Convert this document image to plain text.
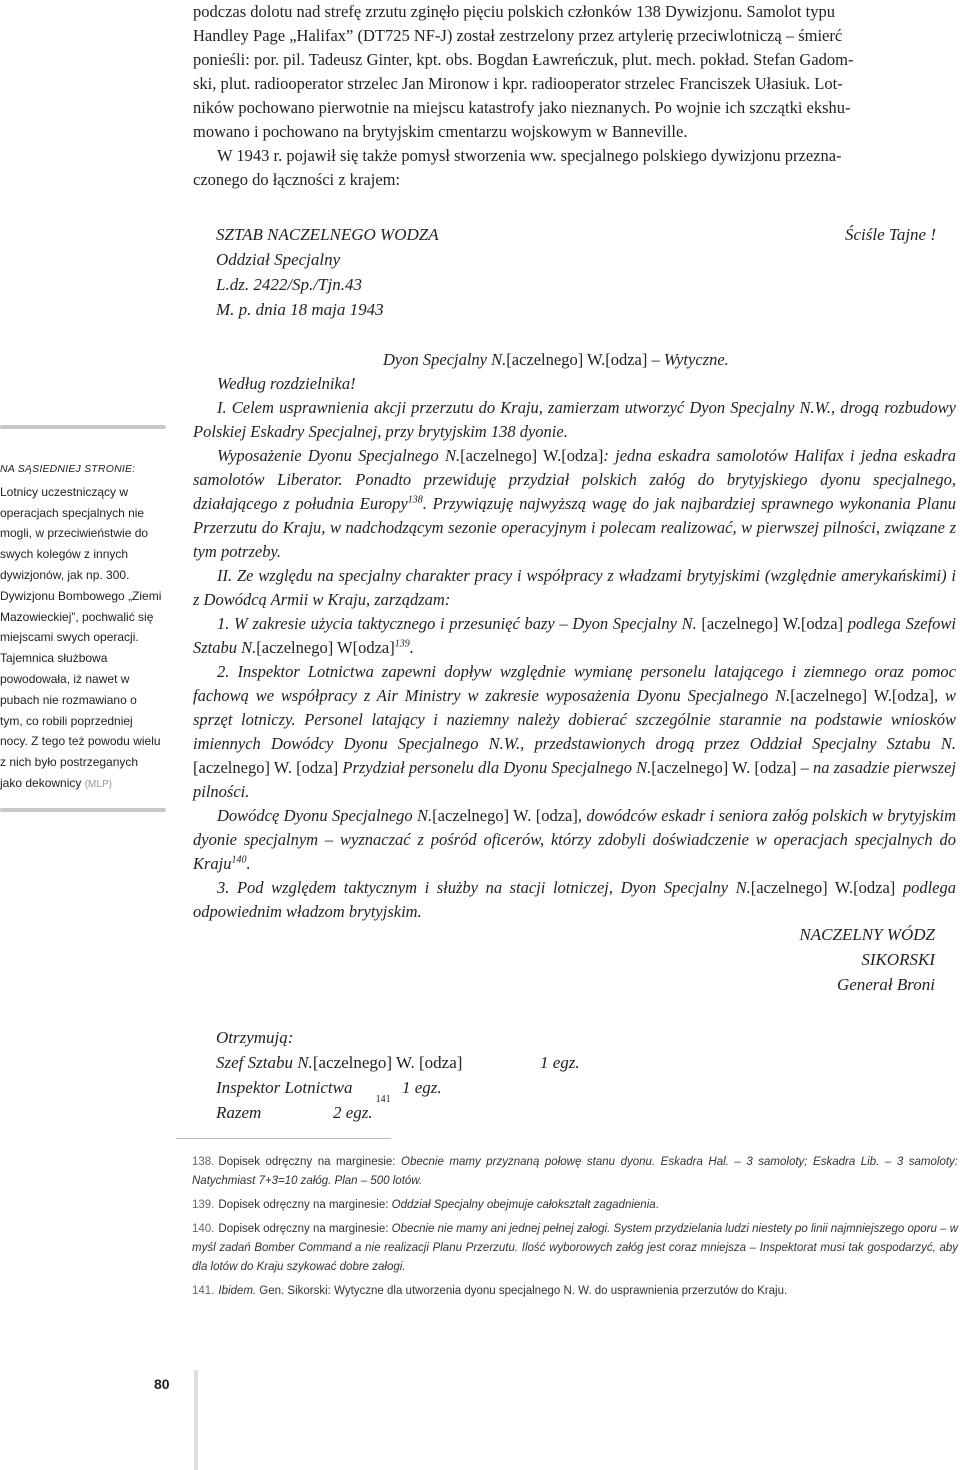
podczas dolotu nad strefę zrzutu zginęło pięciu polskich członków 138 Dywizjonu. Samolot typu

Handley Page „Halifax” (DT725 NF-J) został zestrzelony przez artylerię przeciwlotniczą – śmierć

ponieśli: por. pil. Tadeusz Ginter, kpt. obs. Bogdan Ławreńczuk, plut. mech. pokład. Stefan Gadom-

ski, plut. radiooperator strzelec Jan Mironow i kpr. radiooperator strzelec Franciszek Ułasiuk. Lot-

ników pochowano pierwotnie na miejscu katastrofy jako nieznanych. Po wojnie ich szczątki ekshu-

mowano i pochowano na brytyjskim cmentarzu wojskowym w Banneville.

W 1943 r. pojawił się także pomysł stworzenia ww. specjalnego polskiego dywizjonu przezna-

czonego do łączności z krajem:

SZTAB NACZELNEGO WODZA	Ściśle Tajne !
Oddział Specjalny
L.dz. 2422/Sp./Tjn.43
M. p. dnia 18 maja 1943

Dyon Specjalny N.[aczelnego] W.[odza] – Wytyczne.

Według rozdzielnika!

I. Celem usprawnienia akcji przerzutu do Kraju, zamierzam utworzyć Dyon Specjalny N.W., drogą rozbudowy Polskiej Eskadry Specjalnej, przy brytyjskim 138 dyonie.

Wyposażenie Dyonu Specjalnego N.[aczelnego] W.[odza]: jedna eskadra samolotów Halifax i jedna eskadra samolotów Liberator. Ponadto przewiduję przydział polskich załóg do brytyjskiego dyonu specjalnego, działającego z południa Europy$^{138}$. Przywiązuję najwyższą wagę do jak najbardziej sprawnego wykonania Planu Przerzutu do Kraju, w nadchodzącym sezonie operacyjnym i polecam realizować, w pierwszej pilności, związane z tym potrzeby.

II. Ze względu na specjalny charakter pracy i współpracy z władzami brytyjskimi (względnie amerykańskimi) i z Dowódcą Armii w Kraju, zarządzam:

1. W zakresie użycia taktycznego i przesunięć bazy – Dyon Specjalny N. [aczelnego] W.[odza] podlega Szefowi Sztabu N.[aczelnego] W[odza]$^{139}$.

2. Inspektor Lotnictwa zapewni dopływ względnie wymianę personelu latającego i ziemnego oraz pomoc fachową we współpracy z Air Ministry w zakresie wyposażenia Dyonu Specjalnego N.[aczelnego] W.[odza], w sprzęt lotniczy. Personel latający i naziemny należy dobierać szczególnie starannie na podstawie wniosków imiennych Dowódcy Dyonu Specjalnego N.W., przedstawionych drogą przez Oddział Specjalny Sztabu N.[aczelnego] W. [odza] Przydział personelu dla Dyonu Specjalnego N.[aczelnego] W. [odza] – na zasadzie pierwszej pilności.

Dowódcę Dyonu Specjalnego N.[aczelnego] W. [odza], dowódców eskadr i seniora załóg polskich w brytyjskim dyonie specjalnym – wyznaczać z pośród oficerów, którzy zdobyli doświadczenie w operacjach specjalnych do Kraju$^{140}$.

3. Pod względem taktycznym i służby na stacji lotniczej, Dyon Specjalny N.[aczelnego] W.[odza] podlega odpowiednim władzom brytyjskim.

NACZELNY WÓDZ
SIKORSKI
Generał Broni
Otrzymują:
Szef Sztabu N.[aczelnego] W. [odza]	1 egz.
Inspektor Lotnictwa	1 egz.
Razem	2 egz.
141
NA SĄSIEDNIEJ STRONIE:
Lotnicy uczestniczący w operacjach specjalnych nie mogli, w przeciwieństwie do swych kolegów z innych dywizjonów, jak np. 300. Dywizjonu Bombowego „Ziemi Mazowieckiej”, pochwalić się miejscami swych operacji. Tajemnica służbowa powodowała, iż nawet w pubach nie rozmawiano o tym, co robili poprzedniej nocy. Z tego też powodu wielu z nich było postrzeganych jako dekownicy (MLP)
138. Dopisek odręczny na marginesie: Obecnie mamy przyznaną połowę stanu dyonu. Eskadra Hal. – 3 samoloty; Eskadra Lib. – 3 samoloty: Natychmiast 7+3=10 załóg. Plan – 500 lotów.
139. Dopisek odręczny na marginesie: Oddział Specjalny obejmuje całokształt zagadnienia.
140. Dopisek odręczny na marginesie: Obecnie nie mamy ani jednej pełnej załogi. System przydzielania ludzi niestety po linii najmniejszego oporu – w myśl zadań Bomber Command a nie realizacji Planu Przerzutu. Ilość wyborowych załóg jest coraz mniejsza – Inspektorat musi tak gospodarzyć, aby dla lotów do Kraju szykować dobre załogi.
141. Ibidem. Gen. Sikorski: Wytyczne dla utworzenia dyonu specjalnego N. W. do usprawnienia przerzutów do Kraju.
80
